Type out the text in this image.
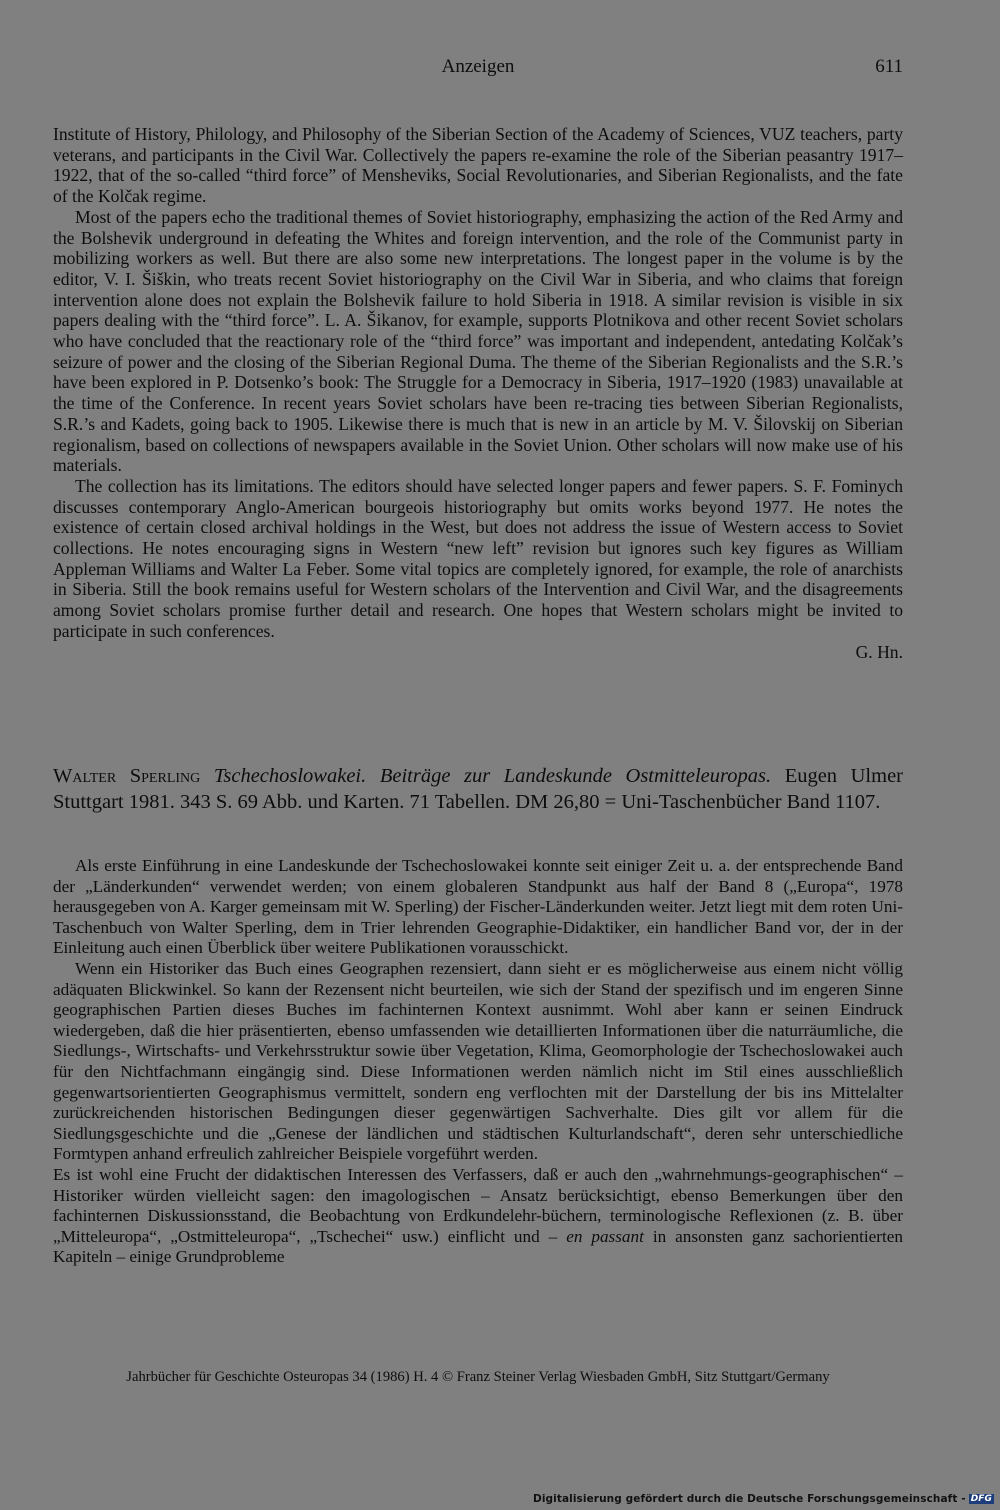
Anzeigen	611

Institute of History, Philology, and Philosophy of the Siberian Section of the Academy of Sciences, VUZ teachers, party veterans, and participants in the Civil War. Collectively the papers re-examine the role of the Siberian peasantry 1917–1922, that of the so-called “third force” of Mensheviks, Social Revolutionaries, and Siberian Regionalists, and the fate of the Kolčak regime.

Most of the papers echo the traditional themes of Soviet historiography, emphasizing the action of the Red Army and the Bolshevik underground in defeating the Whites and foreign intervention, and the role of the Communist party in mobilizing workers as well. But there are also some new interpretations. The longest paper in the volume is by the editor, V. I. Šiškin, who treats recent Soviet historiography on the Civil War in Siberia, and who claims that foreign intervention alone does not explain the Bolshevik failure to hold Siberia in 1918. A similar revision is visible in six papers dealing with the “third force”. L. A. Šikanov, for example, supports Plotnikova and other recent Soviet scholars who have concluded that the reactionary role of the “third force” was important and independent, antedating Kolčak’s seizure of power and the closing of the Siberian Regional Duma. The theme of the Siberian Regionalists and the S.R.’s have been explored in P. Dotsenko’s book: The Struggle for a Democracy in Siberia, 1917–1920 (1983) unavailable at the time of the Conference. In recent years Soviet scholars have been re-tracing ties between Siberian Regionalists, S.R.’s and Kadets, going back to 1905. Likewise there is much that is new in an article by M. V. Šilovskij on Siberian regionalism, based on collections of newspapers available in the Soviet Union. Other scholars will now make use of his materials.

The collection has its limitations. The editors should have selected longer papers and fewer papers. S. F. Fominych discusses contemporary Anglo-American bourgeois historiography but omits works beyond 1977. He notes the existence of certain closed archival holdings in the West, but does not address the issue of Western access to Soviet collections. He notes encouraging signs in Western “new left” revision but ignores such key figures as William Appleman Williams and Walter La Feber. Some vital topics are completely ignored, for example, the role of anarchists in Siberia. Still the book remains useful for Western scholars of the Intervention and Civil War, and the disagreements among Soviet scholars promise further detail and research. One hopes that Western scholars might be invited to participate in such conferences.

G. Hn.

Walter Sperling Tschechoslowakei. Beiträge zur Landeskunde Ostmitteleuropas. Eugen Ulmer Stuttgart 1981. 343 S. 69 Abb. und Karten. 71 Tabellen. DM 26,80 = Uni-Taschenbücher Band 1107.

Als erste Einführung in eine Landeskunde der Tschechoslowakei konnte seit einiger Zeit u. a. der entsprechende Band der „Länderkunden“ verwendet werden; von einem globaleren Standpunkt aus half der Band 8 („Europa“, 1978 herausgegeben von A. Karger gemeinsam mit W. Sperling) der Fischer-Länderkunden weiter. Jetzt liegt mit dem roten Uni-Taschenbuch von Walter Sperling, dem in Trier lehrenden Geographie-Didaktiker, ein handlicher Band vor, der in der Einleitung auch einen Überblick über weitere Publikationen vorausschickt.

Wenn ein Historiker das Buch eines Geographen rezensiert, dann sieht er es möglicherweise aus einem nicht völlig adäquaten Blickwinkel. So kann der Rezensent nicht beurteilen, wie sich der Stand der spezifisch und im engeren Sinne geographischen Partien dieses Buches im fachinternen Kontext ausnimmt. Wohl aber kann er seinen Eindruck wiedergeben, daß die hier präsentierten, ebenso umfassenden wie detaillierten Informationen über die naturräumliche, die Siedlungs-, Wirtschafts- und Verkehrsstruktur sowie über Vegetation, Klima, Geomorphologie der Tschechoslowakei auch für den Nichtfachmann eingängig sind. Diese Informationen werden nämlich nicht im Stil eines ausschließlich gegenwartsorientierten Geographismus vermittelt, sondern eng verflochten mit der Darstellung der bis ins Mittelalter zurückreichenden historischen Bedingungen dieser gegenwärtigen Sachverhalte. Dies gilt vor allem für die Siedlungsgeschichte und die „Genese der ländlichen und städtischen Kulturlandschaft“, deren sehr unterschiedliche Formtypen anhand erfreulich zahlreicher Beispiele vorgeführt werden.

Es ist wohl eine Frucht der didaktischen Interessen des Verfassers, daß er auch den „wahrnehmungs-geographischen“ – Historiker würden vielleicht sagen: den imagologischen – Ansatz berücksichtigt, ebenso Bemerkungen über den fachinternen Diskussionsstand, die Beobachtung von Erdkundelehr-büchern, terminologische Reflexionen (z. B. über „Mitteleuropa“, „Ostmitteleuropa“, „Tschechei“ usw.) einflicht und – en passant in ansonsten ganz sachorientierten Kapiteln – einige Grundprobleme

Jahrbücher für Geschichte Osteuropas 34 (1986) H. 4 © Franz Steiner Verlag Wiesbaden GmbH, Sitz Stuttgart/Germany
Digitalisierung gefördert durch die Deutsche Forschungsgemeinschaft - DFG
